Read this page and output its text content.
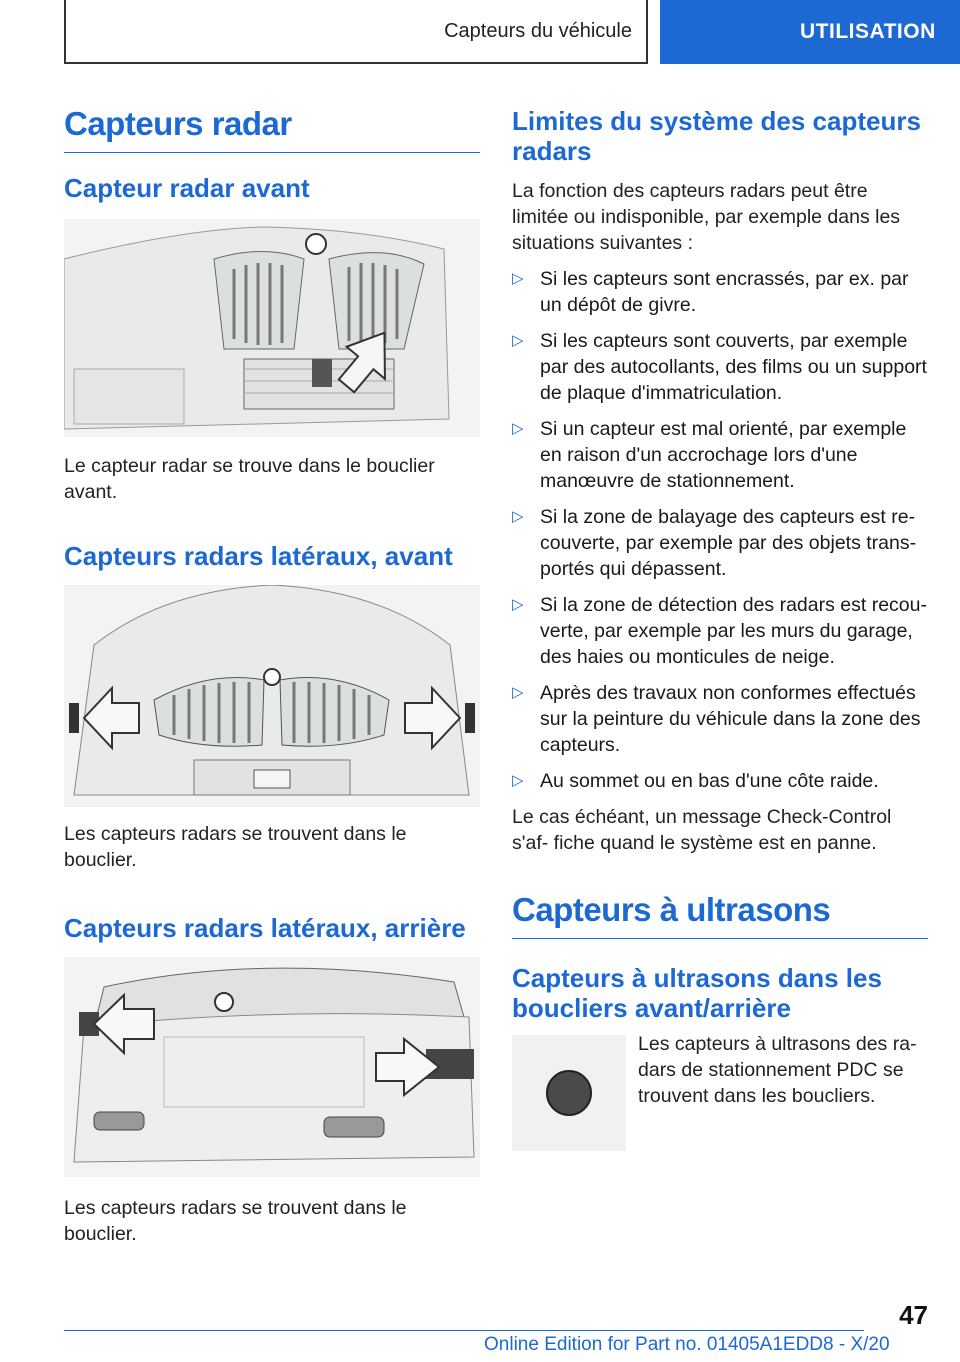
Capteurs du véhicule	UTILISATION
Capteurs radar
Capteur radar avant

Le capteur radar se trouve dans le bouclier avant.

Capteurs radars latéraux, avant

Les capteurs radars se trouvent dans le bouclier.

Capteurs radars latéraux, arrière

Les capteurs radars se trouvent dans le bouclier.

Limites du système des capteurs radars

La fonction des capteurs radars peut être limitée ou indisponible, par exemple dans les situations suivantes :

▷ Si les capteurs sont encrassés, par ex. par un dépôt de givre.
▷ Si les capteurs sont couverts, par exemple par des autocollants, des films ou un support de plaque d'immatriculation.
▷ Si un capteur est mal orienté, par exemple en raison d'un accrochage lors d'une manœuvre de stationnement.
▷ Si la zone de balayage des capteurs est re- couverte, par exemple par des objets trans- portés qui dépassent.
▷ Si la zone de détection des radars est recou- verte, par exemple par les murs du garage, des haies ou monticules de neige.
▷ Après des travaux non conformes effectués sur la peinture du véhicule dans la zone des capteurs.
▷ Au sommet ou en bas d'une côte raide.

Le cas échéant, un message Check-Control s'af- fiche quand le système est en panne.

Capteurs à ultrasons
Capteurs à ultrasons dans les boucliers avant/arrière

Les capteurs à ultrasons des ra- dars de stationnement PDC se trouvent dans les boucliers.

47
Online Edition for Part no. 01405A1EDD8 - X/20
